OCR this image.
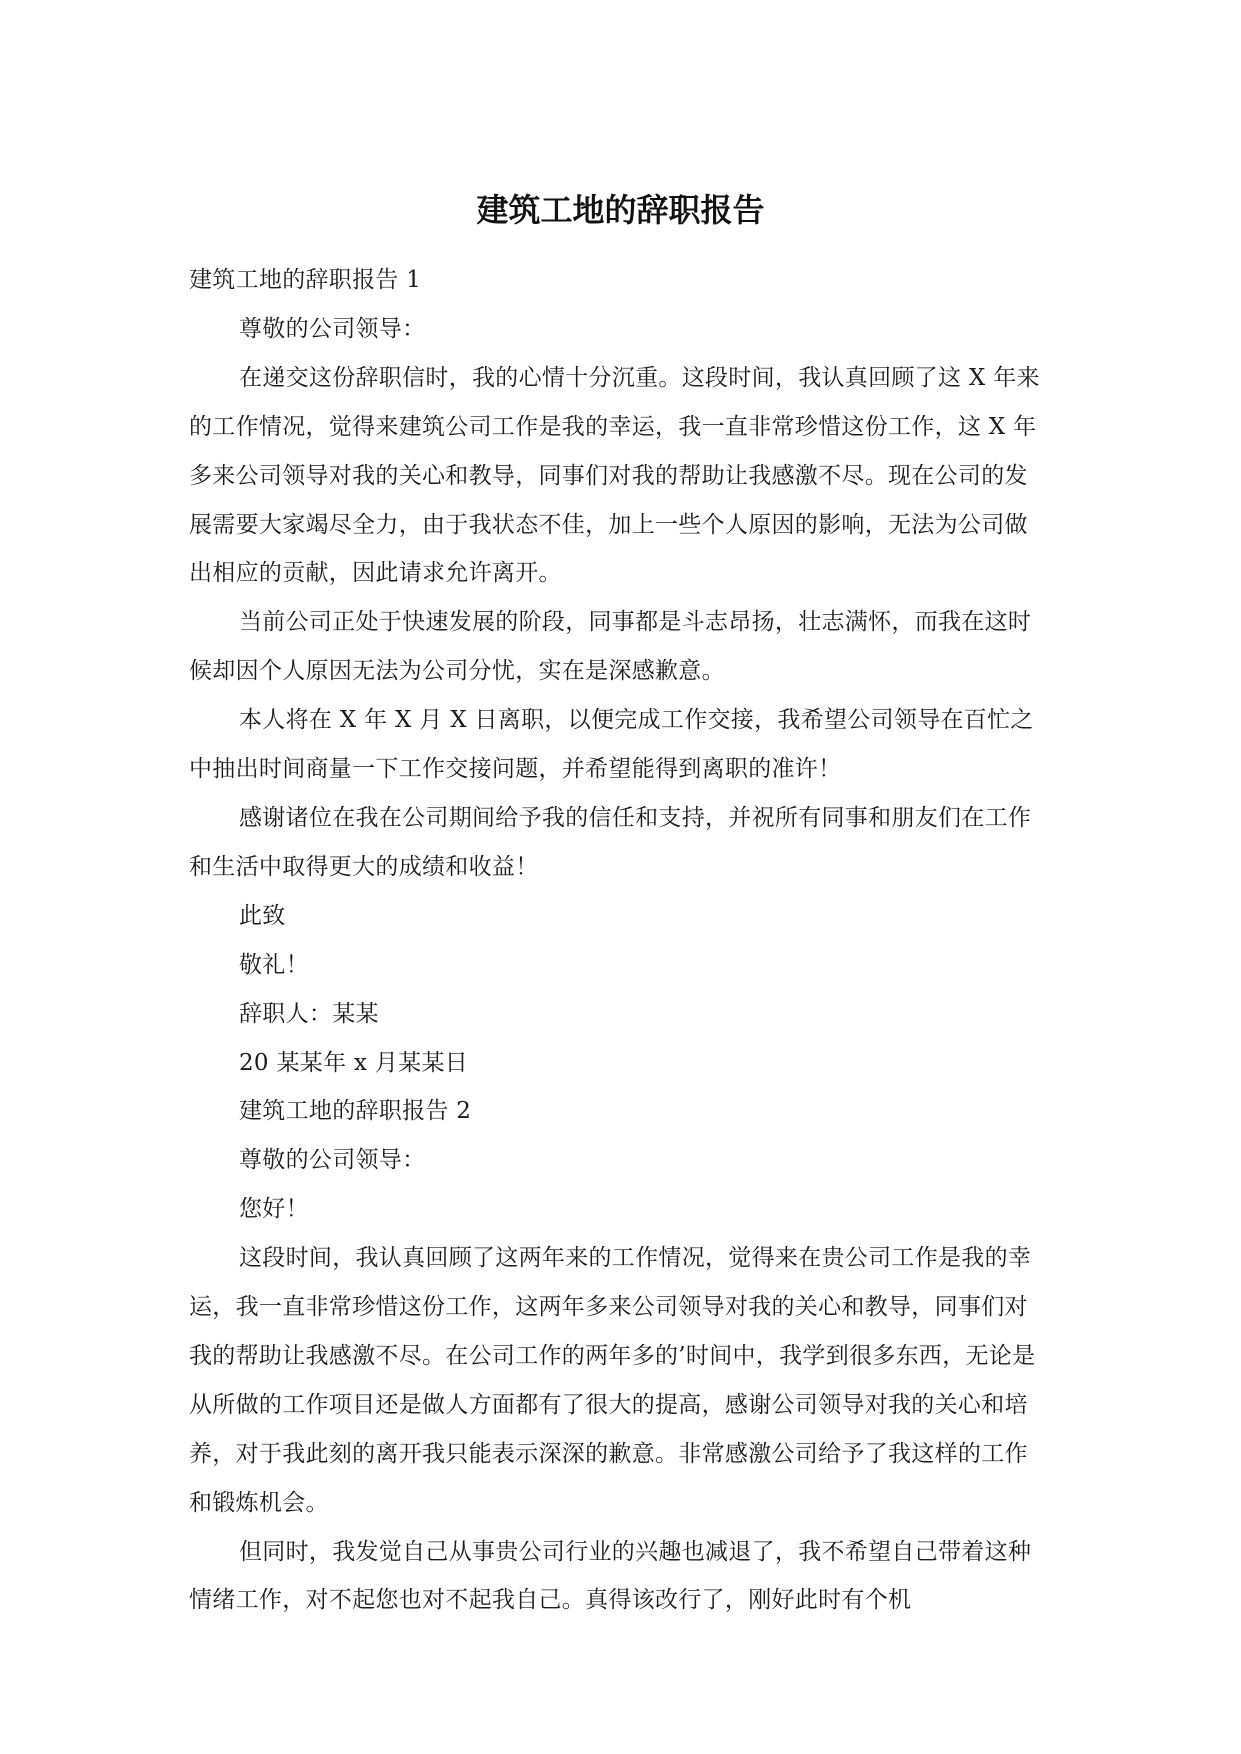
建筑工地的辞职报告

建筑工地的辞职报告 1

尊敬的公司领导：

在递交这份辞职信时，我的心情十分沉重。这段时间，我认真回顾了这 X 年来的工作情况，觉得来建筑公司工作是我的幸运，我一直非常珍惜这份工作，这 X 年多来公司领导对我的关心和教导，同事们对我的帮助让我感激不尽。现在公司的发展需要大家竭尽全力，由于我状态不佳，加上一些个人原因的影响，无法为公司做出相应的贡献，因此请求允许离开。

当前公司正处于快速发展的阶段，同事都是斗志昂扬，壮志满怀，而我在这时候却因个人原因无法为公司分忧，实在是深感歉意。

本人将在 X 年 X 月 X 日离职，以便完成工作交接，我希望公司领导在百忙之中抽出时间商量一下工作交接问题，并希望能得到离职的准许！

感谢诸位在我在公司期间给予我的信任和支持，并祝所有同事和朋友们在工作和生活中取得更大的成绩和收益！

此致

敬礼！

辞职人：某某

20 某某年 x 月某某日

建筑工地的辞职报告 2

尊敬的公司领导：

您好！

这段时间，我认真回顾了这两年来的工作情况，觉得来在贵公司工作是我的幸运，我一直非常珍惜这份工作，这两年多来公司领导对我的关心和教导，同事们对我的帮助让我感激不尽。在公司工作的两年多的’时间中，我学到很多东西，无论是从所做的工作项目还是做人方面都有了很大的提高，感谢公司领导对我的关心和培养，对于我此刻的离开我只能表示深深的歉意。非常感激公司给予了我这样的工作和锻炼机会。

但同时，我发觉自己从事贵公司行业的兴趣也减退了，我不希望自己带着这种情绪工作，对不起您也对不起我自己。真得该改行了，刚好此时有个机
